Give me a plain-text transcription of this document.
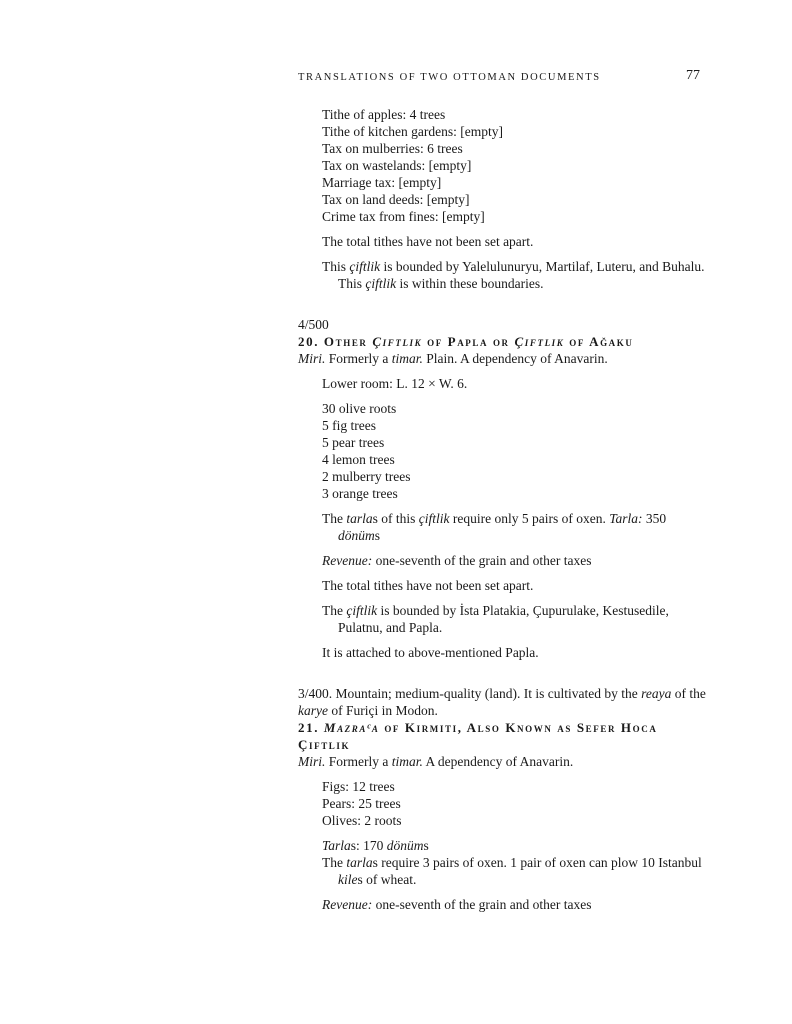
TRANSLATIONS OF TWO OTTOMAN DOCUMENTS	77

Tithe of apples: 4 trees

Tithe of kitchen gardens: [empty]

Tax on mulberries: 6 trees

Tax on wastelands: [empty]

Marriage tax: [empty]

Tax on land deeds: [empty]

Crime tax from fines: [empty]

The total tithes have not been set apart.

This çiftlik is bounded by Yalelulunuryu, Martilaf, Luteru, and Buhalu. This çiftlik is within these boundaries.

4/500

20. Other Çiftlik of Papla or Çiftlik of Ağaku

Miri. Formerly a timar. Plain. A dependency of Anavarin.

Lower room: L. 12 × W. 6.

30 olive roots

5 fig trees

5 pear trees

4 lemon trees

2 mulberry trees

3 orange trees

The tarlas of this çiftlik require only 5 pairs of oxen. Tarla: 350 dönüms

Revenue: one-seventh of the grain and other taxes

The total tithes have not been set apart.

The çiftlik is bounded by İsta Platakia, Çupurulake, Kestusedile, Pulatnu, and Papla.

It is attached to above-mentioned Papla.

3/400. Mountain; medium-quality (land). It is cultivated by the reaya of the karye of Furiçi in Modon.

21. Mazraᶜa of Kirmiti, Also Known as Sefer Hoca Çiftlik

Miri. Formerly a timar. A dependency of Anavarin.

Figs: 12 trees

Pears: 25 trees

Olives: 2 roots

Tarlas: 170 dönüms

The tarlas require 3 pairs of oxen. 1 pair of oxen can plow 10 Istanbul kiles of wheat.

Revenue: one-seventh of the grain and other taxes
